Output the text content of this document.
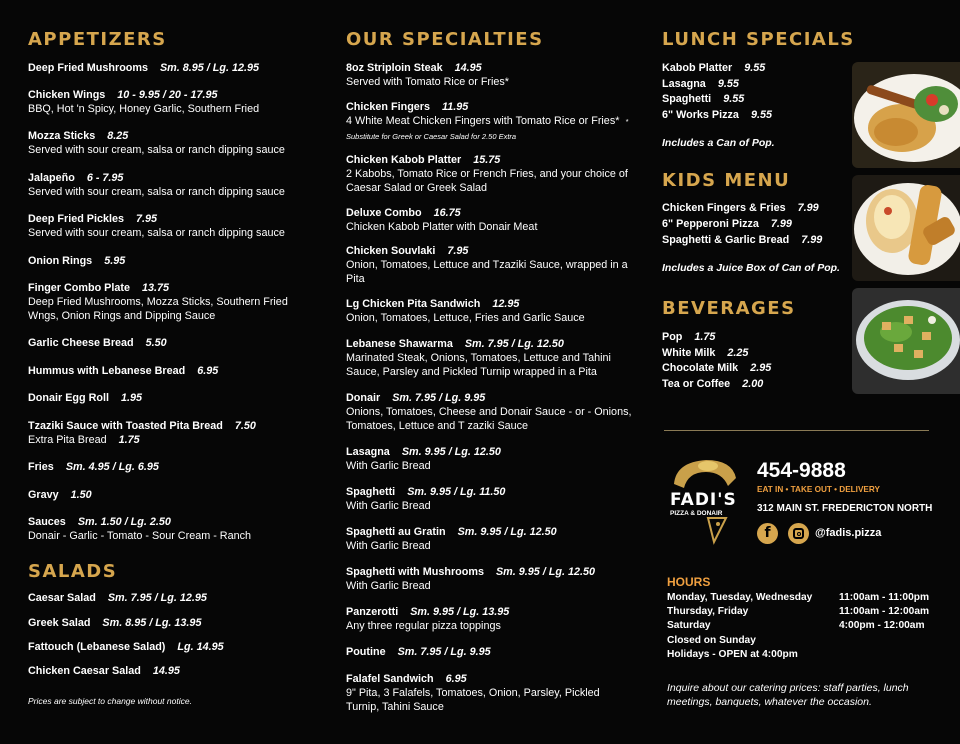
APPETIZERS
Deep Fried Mushrooms Sm. 8.95 / Lg. 12.95
Chicken Wings 10 - 9.95 / 20 - 17.95
BBQ, Hot 'n Spicy, Honey Garlic, Southern Fried
Mozza Sticks 8.25
Served with sour cream, salsa or ranch dipping sauce
Jalapeño 6 - 7.95
Served with sour cream, salsa or ranch dipping sauce
Deep Fried Pickles 7.95
Served with sour cream, salsa or ranch dipping sauce
Onion Rings 5.95
Finger Combo Plate 13.75
Deep Fried Mushrooms, Mozza Sticks, Southern Fried Wngs, Onion Rings and Dipping Sauce
Garlic Cheese Bread 5.50
Hummus with Lebanese Bread 6.95
Donair Egg Roll 1.95
Tzaziki Sauce with Toasted Pita Bread 7.50
Extra Pita Bread 1.75
Fries Sm. 4.95 / Lg. 6.95
Gravy 1.50
Sauces Sm. 1.50 / Lg. 2.50
Donair - Garlic - Tomato - Sour Cream - Ranch
SALADS
Caesar Salad Sm. 7.95 / Lg. 12.95
Greek Salad Sm. 8.95 / Lg. 13.95
Fattouch (Lebanese Salad) Lg. 14.95
Chicken Caesar Salad 14.95
Prices are subject to change without notice.
OUR SPECIALTIES
8oz Striploin Steak 14.95
Served with Tomato Rice or Fries*
Chicken Fingers 11.95
4 White Meat Chicken Fingers with Tomato Rice or Fries* * Substitute for Greek or Caesar Salad for 2.50 Extra
Chicken Kabob Platter 15.75
2 Kabobs, Tomato Rice or French Fries, and your choice of Caesar Salad or Greek Salad
Deluxe Combo 16.75
Chicken Kabob Platter with Donair Meat
Chicken Souvlaki 7.95
Onion, Tomatoes, Lettuce and Tzaziki Sauce, wrapped in a Pita
Lg Chicken Pita Sandwich 12.95
Onion, Tomatoes, Lettuce, Fries and Garlic Sauce
Lebanese Shawarma Sm. 7.95 / Lg. 12.50
Marinated Steak, Onions, Tomatoes, Lettuce and Tahini Sauce, Parsley and Pickled Turnip wrapped in a Pita
Donair Sm. 7.95 / Lg. 9.95
Onions, Tomatoes, Cheese and Donair Sauce - or - Onions, Tomatoes, Lettuce and T zaziki Sauce
Lasagna Sm. 9.95 / Lg. 12.50
With Garlic Bread
Spaghetti Sm. 9.95 / Lg. 11.50
With Garlic Bread
Spaghetti au Gratin Sm. 9.95 / Lg. 12.50
With Garlic Bread
Spaghetti with Mushrooms Sm. 9.95 / Lg. 12.50
With Garlic Bread
Panzerotti Sm. 9.95 / Lg. 13.95
Any three regular pizza toppings
Poutine Sm. 7.95 / Lg. 9.95
Falafel Sandwich 6.95
9" Pita, 3 Falafels, Tomatoes, Onion, Parsley, Pickled Turnip, Tahini Sauce
LUNCH SPECIALS
Kabob Platter 9.55
Lasagna 9.55
Spaghetti 9.55
6" Works Pizza 9.55
Includes a Can of Pop.
KIDS MENU
Chicken Fingers & Fries 7.99
6" Pepperoni Pizza 7.99
Spaghetti & Garlic Bread 7.99
Includes a Juice Box of Can of Pop.
BEVERAGES
Pop 1.75
White Milk 2.25
Chocolate Milk 2.95
Tea or Coffee 2.00
FADI'S
PIZZA & DONAIR
454-9888
EAT IN • TAKE OUT • DELIVERY
312 MAIN ST. FREDERICTON NORTH
f	@fadis.pizza
HOURS
Monday, Tuesday, Wednesday	11:00am - 11:00pm
Thursday, Friday	11:00am - 12:00am
Saturday	4:00pm - 12:00am
Closed on Sunday
Holidays - OPEN at 4:00pm
Inquire about our catering prices: staff parties, lunch meetings, banquets, whatever the occasion.
